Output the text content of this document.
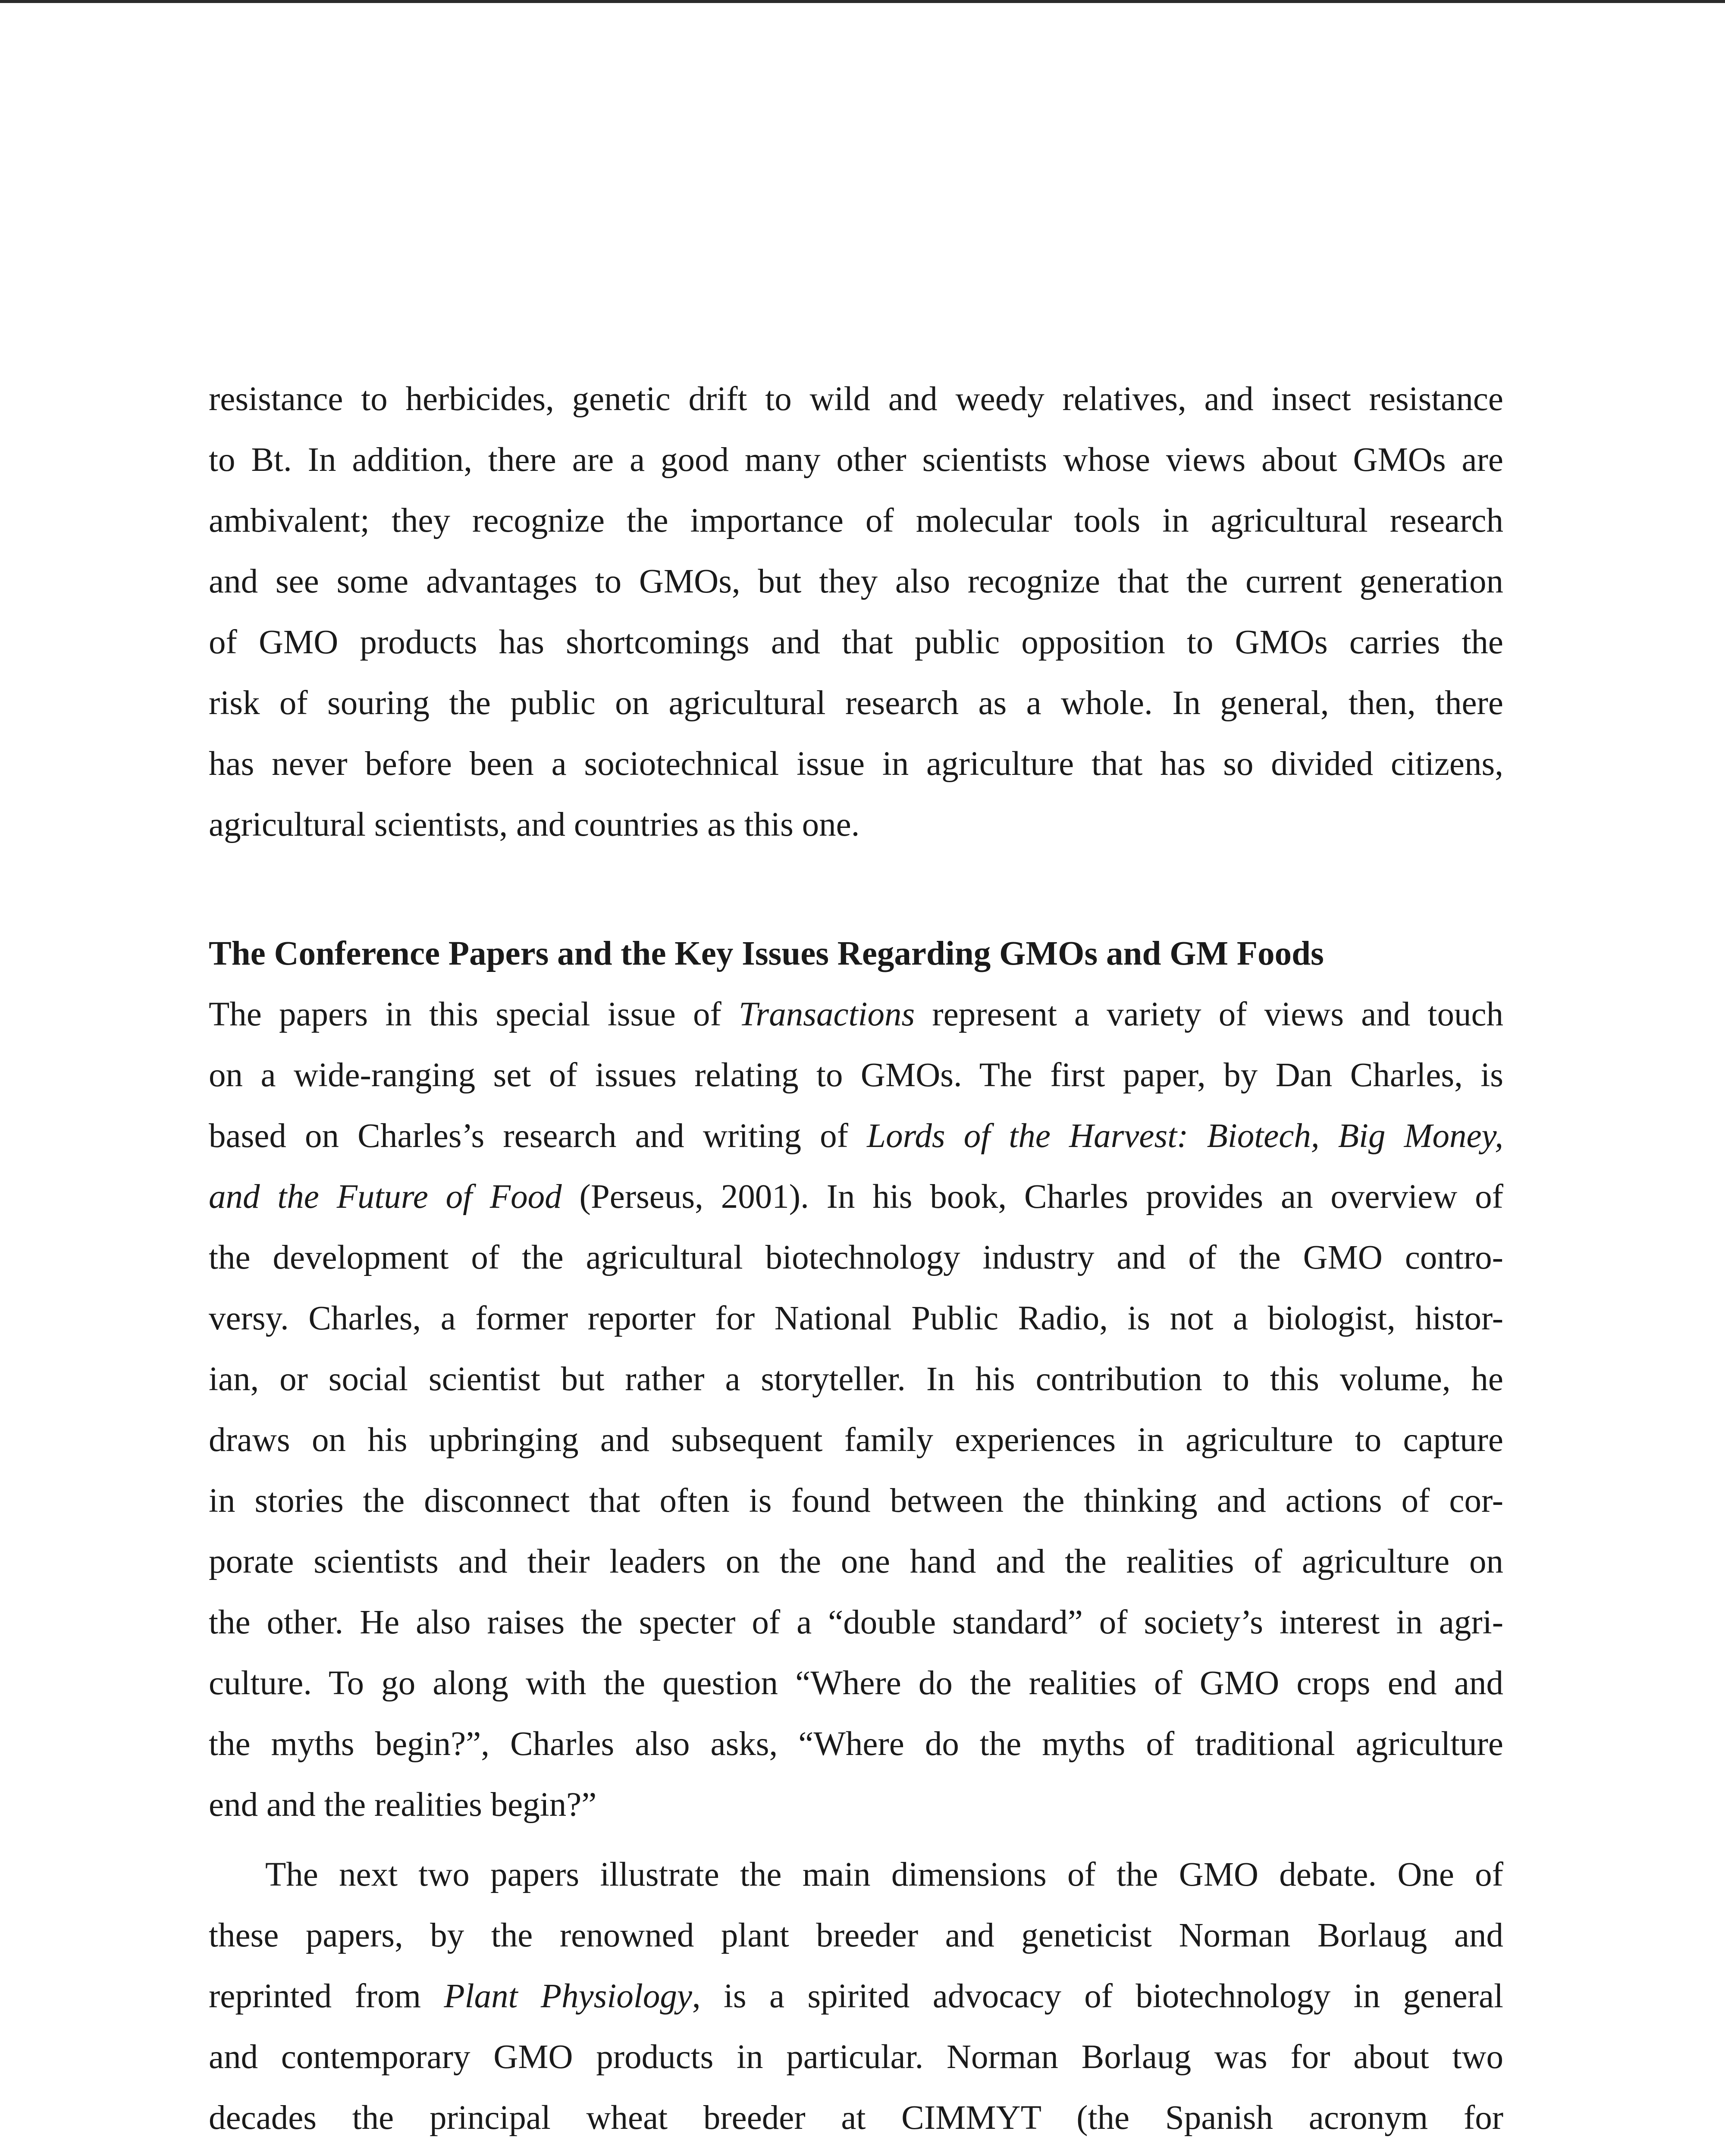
resistance to herbicides, genetic drift to wild and weedy relatives, and insect resistance
to Bt. In addition, there are a good many other scientists whose views about GMOs are
ambivalent; they recognize the importance of molecular tools in agricultural research
and see some advantages to GMOs, but they also recognize that the current generation
of GMO products has shortcomings and that public opposition to GMOs carries the
risk of souring the public on agricultural research as a whole. In general, then, there
has never before been a sociotechnical issue in agriculture that has so divided citizens,
agricultural scientists, and countries as this one.
The Conference Papers and the Key Issues Regarding GMOs and GM Foods
The papers in this special issue of Transactions represent a variety of views and touch
on a wide-ranging set of issues relating to GMOs. The first paper, by Dan Charles, is
based on Charles’s research and writing of Lords of the Harvest: Biotech, Big Money,
and the Future of Food (Perseus, 2001). In his book, Charles provides an overview of
the development of the agricultural biotechnology industry and of the GMO contro-
versy. Charles, a former reporter for National Public Radio, is not a biologist, histor-
ian, or social scientist but rather a storyteller. In his contribution to this volume, he
draws on his upbringing and subsequent family experiences in agriculture to capture
in stories the disconnect that often is found between the thinking and actions of cor-
porate scientists and their leaders on the one hand and the realities of agriculture on
the other. He also raises the specter of a “double standard” of society’s interest in agri-
culture. To go along with the question “Where do the realities of GMO crops end and
the myths begin?”, Charles also asks, “Where do the myths of traditional agriculture
end and the realities begin?”
The next two papers illustrate the main dimensions of the GMO debate. One of
these papers, by the renowned plant breeder and geneticist Norman Borlaug and
reprinted from Plant Physiology, is a spirited advocacy of biotechnology in general
and contemporary GMO products in particular. Norman Borlaug was for about two
decades the principal wheat breeder at CIMMYT (the Spanish acronym for
